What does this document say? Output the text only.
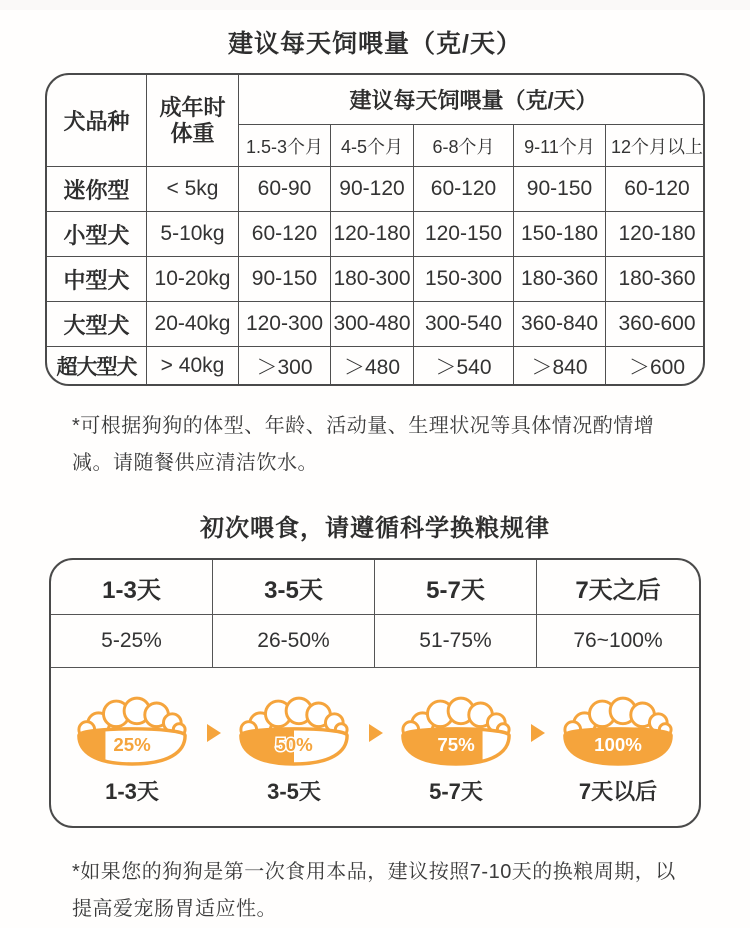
建议每天饲喂量（克/天）
犬品种	成年时 体重	建议每天饲喂量（克/天）				
		1.5-3个月	4-5个月	6-8个月	9-11个月	12个月以上
迷你型	< 5kg	60-90	90-120	60-120	90-150	60-120
小型犬	5-10kg	60-120	120-180	120-150	150-180	120-180
中型犬	10-20kg	90-150	180-300	150-300	180-360	180-360
大型犬	20-40kg	120-300	300-480	300-540	360-840	360-600
超大型犬	> 40kg	＞300	＞480	＞540	＞840	＞600

*可根据狗狗的体型、年龄、活动量、生理状况等具体情况酌情增减。请随餐供应清洁饮水。

初次喂食，请遵循科学换粮规律
1-3天	3-5天	5-7天	7天之后
5-25%	26-50%	51-75%	76~100%
25%
1-3天
50%
3-5天
75%
5-7天
100%
7天以后

*如果您的狗狗是第一次食用本品，建议按照7-10天的换粮周期，以提高爱宠肠胃适应性。
